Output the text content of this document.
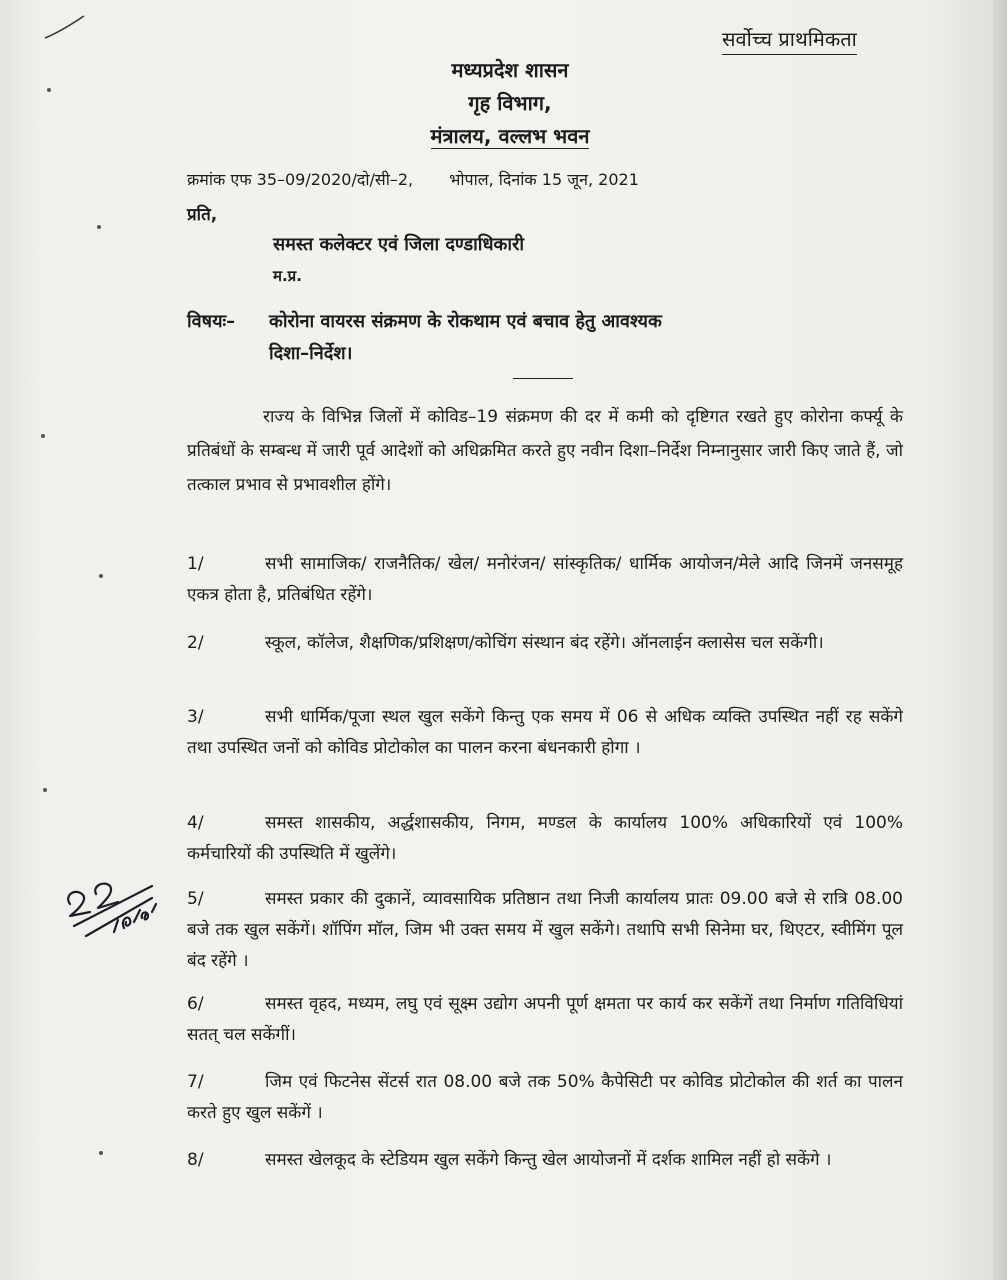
सर्वोच्च प्राथमिकता
मध्यप्रदेश शासन
गृह विभाग,
मंत्रालय, वल्लभ भवन
क्रमांक एफ 35–09/2020/दो/सी–2, भोपाल, दिनांक 15 जून, 2021
प्रति,
समस्त कलेक्टर एवं जिला दण्डाधिकारी
म.प्र.
विषयः– कोरोना वायरस संक्रमण के रोकथाम एवं बचाव हेतु आवश्यक
दिशा–निर्देश।
राज्य के विभिन्न जिलों में कोविड–19 संक्रमण की दर में कमी को दृष्टिगत रखते हुए कोरोना कर्फ्यू के प्रतिबंधों के सम्बन्ध में जारी पूर्व आदेशों को अधिक्रमित करते हुए नवीन दिशा–निर्देश निम्नानुसार जारी किए जाते हैं, जो तत्काल प्रभाव से प्रभावशील होंगे।
1/	सभी सामाजिक/ राजनैतिक/ खेल/ मनोरंजन/ सांस्कृतिक/ धार्मिक आयोजन/मेले आदि जिनमें जनसमूह एकत्र होता है, प्रतिबंधित रहेंगे।
2/	स्कूल, कॉलेज, शैक्षणिक/प्रशिक्षण/कोचिंग संस्थान बंद रहेंगे। ऑनलाईन क्लासेस चल सकेंगी।
3/	सभी धार्मिक/पूजा स्थल खुल सकेंगे किन्तु एक समय में 06 से अधिक व्यक्ति उपस्थित नहीं रह सकेंगे तथा उपस्थित जनों को कोविड प्रोटोकोल का पालन करना बंधनकारी होगा ।
4/	समस्त शासकीय, अर्द्धशासकीय, निगम, मण्डल के कार्यालय 100% अधिकारियों एवं 100% कर्मचारियों की उपस्थिति में खुलेंगे।
5/	समस्त प्रकार की दुकानें, व्यावसायिक प्रतिष्ठान तथा निजी कार्यालय प्रातः 09.00 बजे से रात्रि 08.00 बजे तक खुल सकेंगें। शॉपिंग मॉल, जिम भी उक्त समय में खुल सकेंगे। तथापि सभी सिनेमा घर, थिएटर, स्वीमिंग पूल बंद रहेंगे ।
6/	समस्त वृहद, मध्यम, लघु एवं सूक्ष्म उद्योग अपनी पूर्ण क्षमता पर कार्य कर सकेंगें तथा निर्माण गतिविधियां सतत् चल सकेंगीं।
7/	जिम एवं फिटनेस सेंटर्स रात 08.00 बजे तक 50% कैपेसिटी पर कोविड प्रोटोकोल की शर्त का पालन करते हुए खुल सकेंगें ।
8/	समस्त खेलकूद के स्टेडियम खुल सकेंगे किन्तु खेल आयोजनों में दर्शक शामिल नहीं हो सकेंगे ।
